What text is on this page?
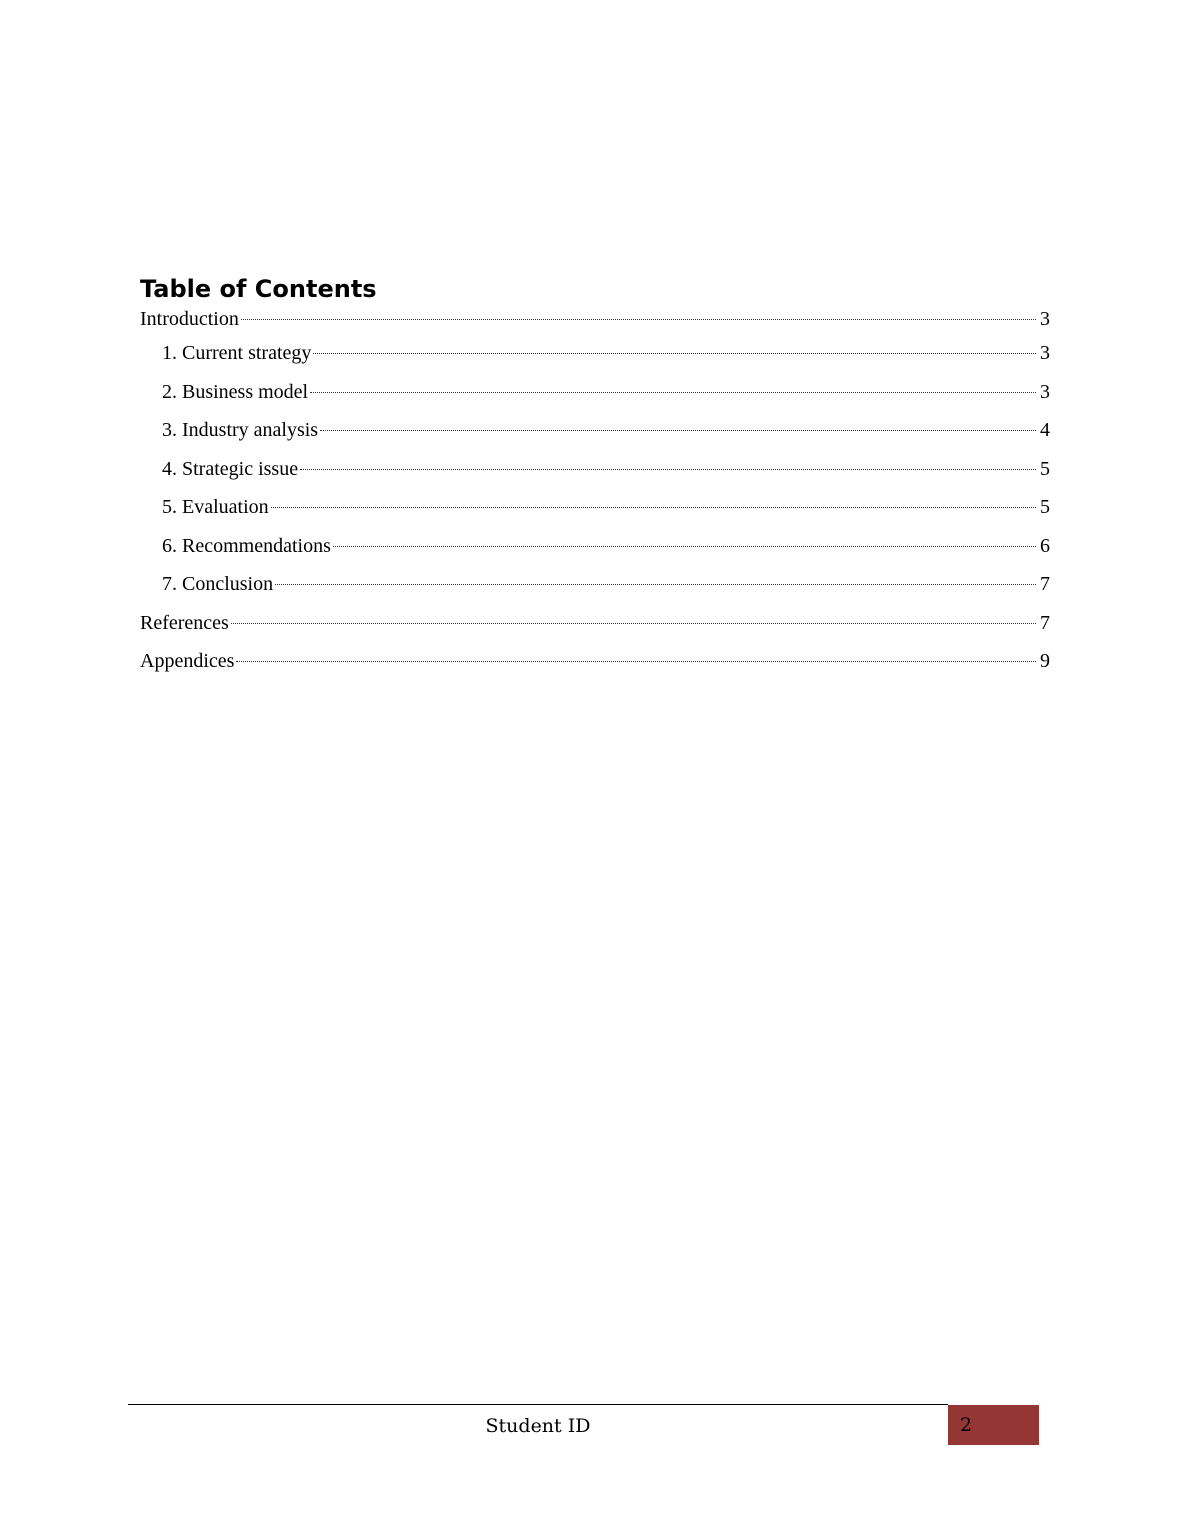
Table of Contents
Introduction	3
1. Current strategy	3
2. Business model	3
3. Industry analysis	4
4. Strategic issue	5
5. Evaluation	5
6. Recommendations	6
7. Conclusion	7
References	7
Appendices	9
Student ID	2
